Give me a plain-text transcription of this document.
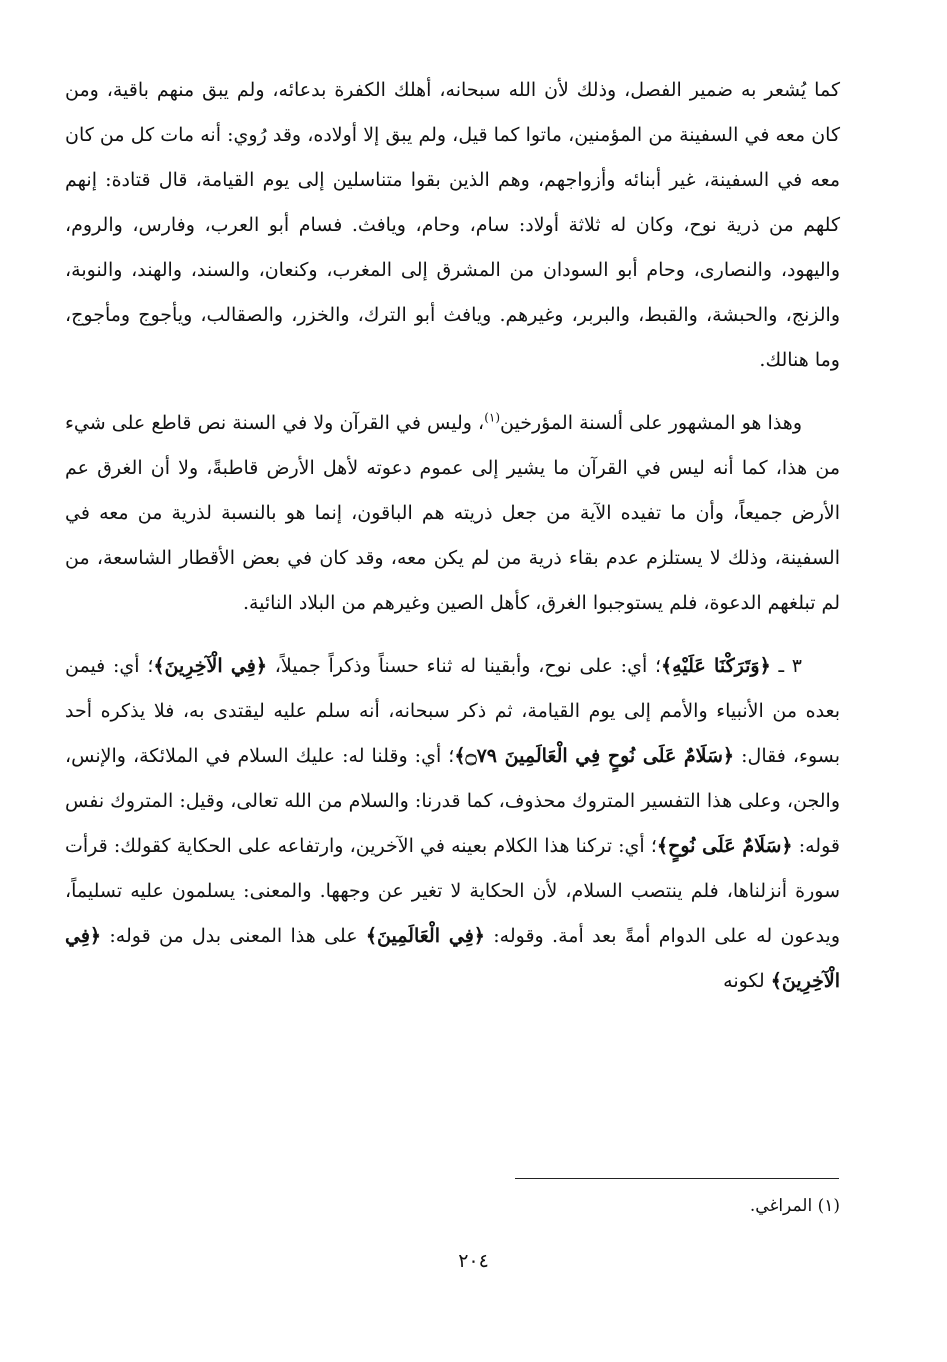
كما يُشعر به ضمير الفصل، وذلك لأن الله سبحانه، أهلك الكفرة بدعائه، ولم يبق منهم باقية، ومن كان معه في السفينة من المؤمنين، ماتوا كما قيل، ولم يبق إلا أولاده، وقد رُوي: أنه مات كل من كان معه في السفينة، غير أبنائه وأزواجهم، وهم الذين بقوا متناسلين إلى يوم القيامة، قال قتادة: إنهم كلهم من ذرية نوح، وكان له ثلاثة أولاد: سام، وحام، ويافث. فسام أبو العرب، وفارس، والروم، واليهود، والنصارى، وحام أبو السودان من المشرق إلى المغرب، وكنعان، والسند، والهند، والنوبة، والزنج، والحبشة، والقبط، والبربر، وغيرهم. ويافث أبو الترك، والخزر، والصقالب، ويأجوج ومأجوج، وما هنالك.

وهذا هو المشهور على ألسنة المؤرخين$^{(١)}$، وليس في القرآن ولا في السنة نص قاطع على شيء من هذا، كما أنه ليس في القرآن ما يشير إلى عموم دعوته لأهل الأرض قاطبةً، ولا أن الغرق عم الأرض جميعاً، وأن ما تفيده الآية من جعل ذريته هم الباقون، إنما هو بالنسبة لذرية من معه في السفينة، وذلك لا يستلزم عدم بقاء ذرية من لم يكن معه، وقد كان في بعض الأقطار الشاسعة، من لم تبلغهم الدعوة، فلم يستوجبوا الغرق، كأهل الصين وغيرهم من البلاد النائية.

٣ ـ ﴿وَتَرَكْنَا عَلَيْهِ﴾؛ أي: على نوح، وأبقينا له ثناء حسناً وذكراً جميلاً، ﴿فِي الْآخِرِينَ﴾؛ أي: فيمن بعده من الأنبياء والأمم إلى يوم القيامة، ثم ذكر سبحانه، أنه سلم عليه ليقتدى به، فلا يذكره أحد بسوء، فقال: ﴿سَلَامٌ عَلَى نُوحٍ فِي الْعَالَمِينَ ۝٧٩﴾؛ أي: وقلنا له: عليك السلام في الملائكة، والإنس، والجن، وعلى هذا التفسير المتروك محذوف، كما قدرنا: والسلام من الله تعالى، وقيل: المتروك نفس قوله: ﴿سَلَامٌ عَلَى نُوحٍ﴾؛ أي: تركنا هذا الكلام بعينه في الآخرين، وارتفاعه على الحكاية كقولك: قرأت سورة أنزلناها، فلم ينتصب السلام، لأن الحكاية لا تغير عن وجهها. والمعنى: يسلمون عليه تسليماً، ويدعون له على الدوام أمةً بعد أمة. وقوله: ﴿فِي الْعَالَمِينَ﴾ على هذا المعنى بدل من قوله: ﴿فِي الْآخِرِينَ﴾ لكونه

(١) المراغي.

٢٠٤
